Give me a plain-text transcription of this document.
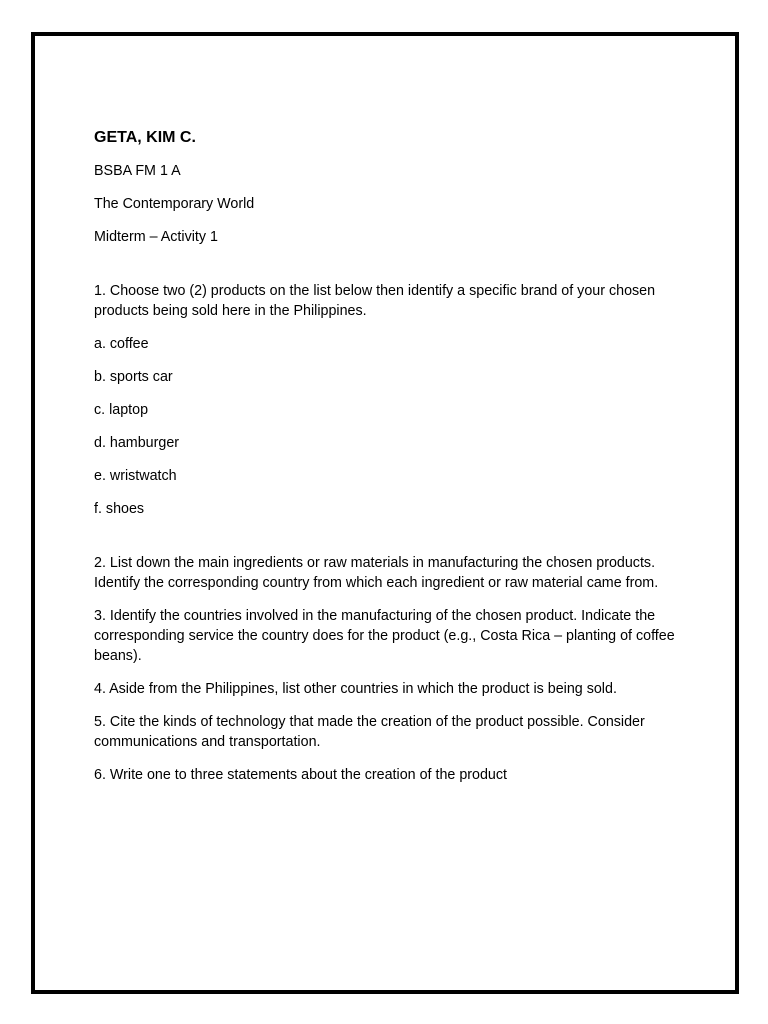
GETA, KIM C.

BSBA FM 1 A

The Contemporary World

Midterm – Activity 1

1. Choose two (2) products on the list below then identify a specific brand of your chosen products being sold here in the Philippines.

a. coffee

b. sports car

c. laptop

d. hamburger

e. wristwatch

f. shoes

2. List down the main ingredients or raw materials in manufacturing the chosen products. Identify the corresponding country from which each ingredient or raw material came from.

3. Identify the countries involved in the manufacturing of the chosen product. Indicate the corresponding service the country does for the product (e.g., Costa Rica – planting of coffee beans).

4. Aside from the Philippines, list other countries in which the product is being sold.

5. Cite the kinds of technology that made the creation of the product possible. Consider communications and transportation.

6. Write one to three statements about the creation of the product
